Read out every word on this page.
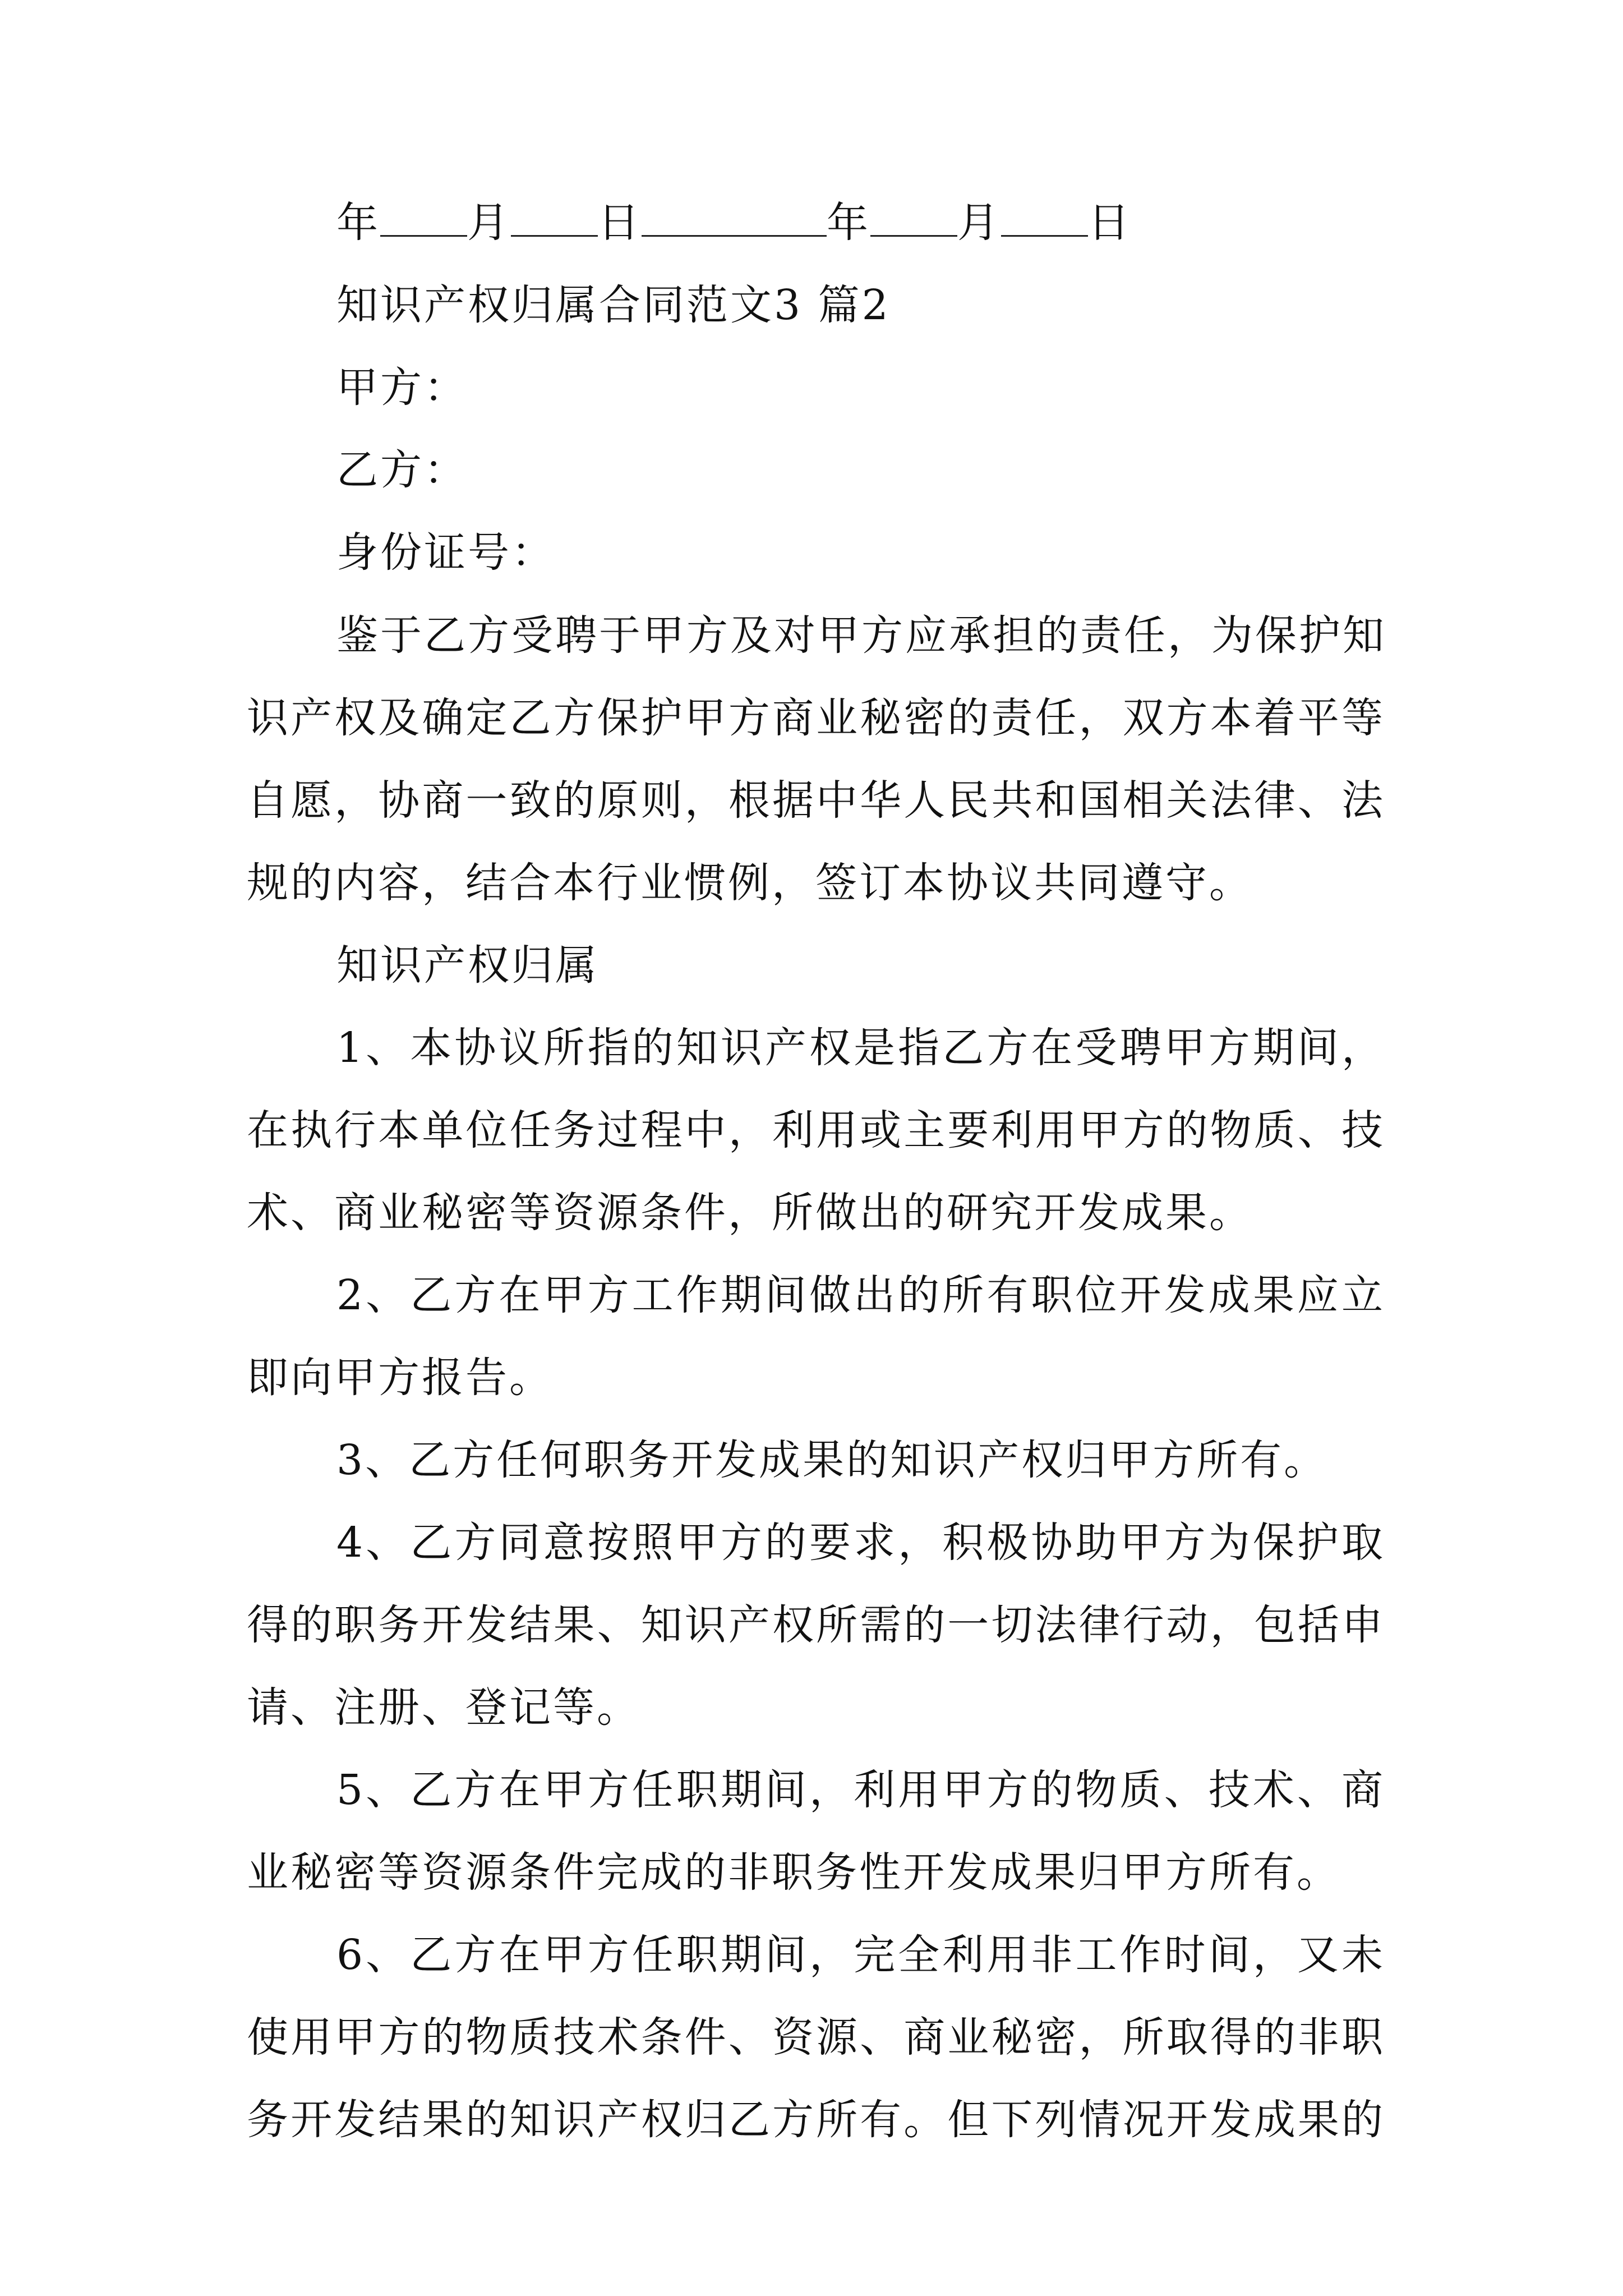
年 月 日	年 月 日
知识产权归属合同范文3 篇2
甲方：
乙方：
身份证号：
鉴于乙方受聘于甲方及对甲方应承担的责任，为保护知
识产权及确定乙方保护甲方商业秘密的责任，双方本着平等
自愿，协商一致的原则，根据中华人民共和国相关法律、法
规的内容，结合本行业惯例，签订本协议共同遵守。
知识产权归属
1、本协议所指的知识产权是指乙方在受聘甲方期间，
在执行本单位任务过程中，利用或主要利用甲方的物质、技
术、商业秘密等资源条件，所做出的研究开发成果。
2、乙方在甲方工作期间做出的所有职位开发成果应立
即向甲方报告。
3、乙方任何职务开发成果的知识产权归甲方所有。
4、乙方同意按照甲方的要求，积极协助甲方为保护取
得的职务开发结果、知识产权所需的一切法律行动，包括申
请、注册、登记等。
5、乙方在甲方任职期间，利用甲方的物质、技术、商
业秘密等资源条件完成的非职务性开发成果归甲方所有。
6、乙方在甲方任职期间，完全利用非工作时间，又未
使用甲方的物质技术条件、资源、商业秘密，所取得的非职
务开发结果的知识产权归乙方所有。但下列情况开发成果的
